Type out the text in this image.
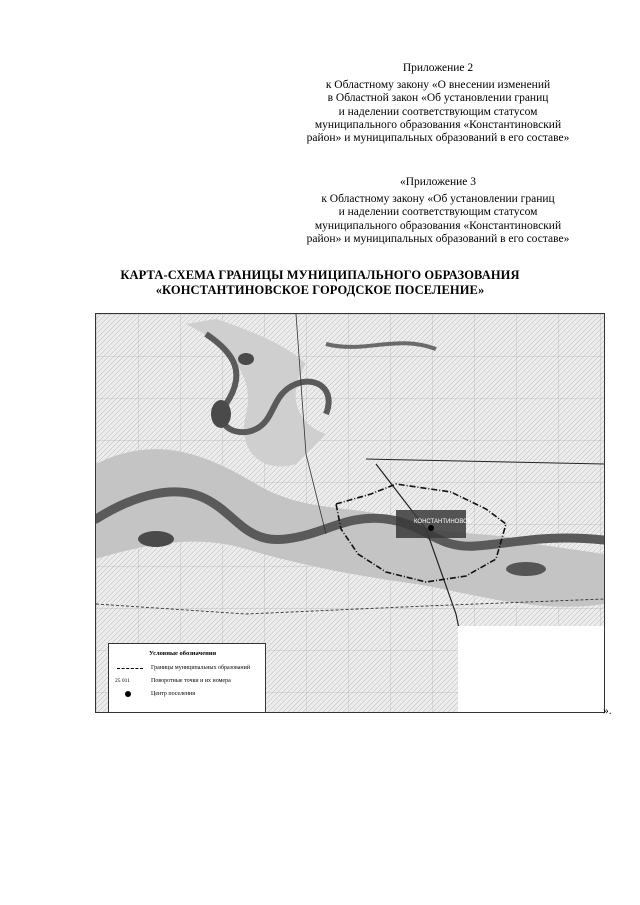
Приложение 2
к Областному закону «О внесении изменений
в Областной закон «Об установлении границ
и наделении соответствующим статусом
муниципального образования «Константиновский
район» и муниципальных образований в его составе»
«Приложение 3
к Областному закону «Об установлении границ
и наделении соответствующим статусом
муниципального образования «Константиновский
район» и муниципальных образований в его составе»
КАРТА-СХЕМА ГРАНИЦЫ МУНИЦИПАЛЬНОГО ОБРАЗОВАНИЯ
«КОНСТАНТИНОВСКОЕ ГОРОДСКОЕ ПОСЕЛЕНИЕ»
КОНСТАНТИНОВСК
Условные обозначения
Границы муниципальных образований
25 011	Поворотные точки и их номера
Центр поселения
».
